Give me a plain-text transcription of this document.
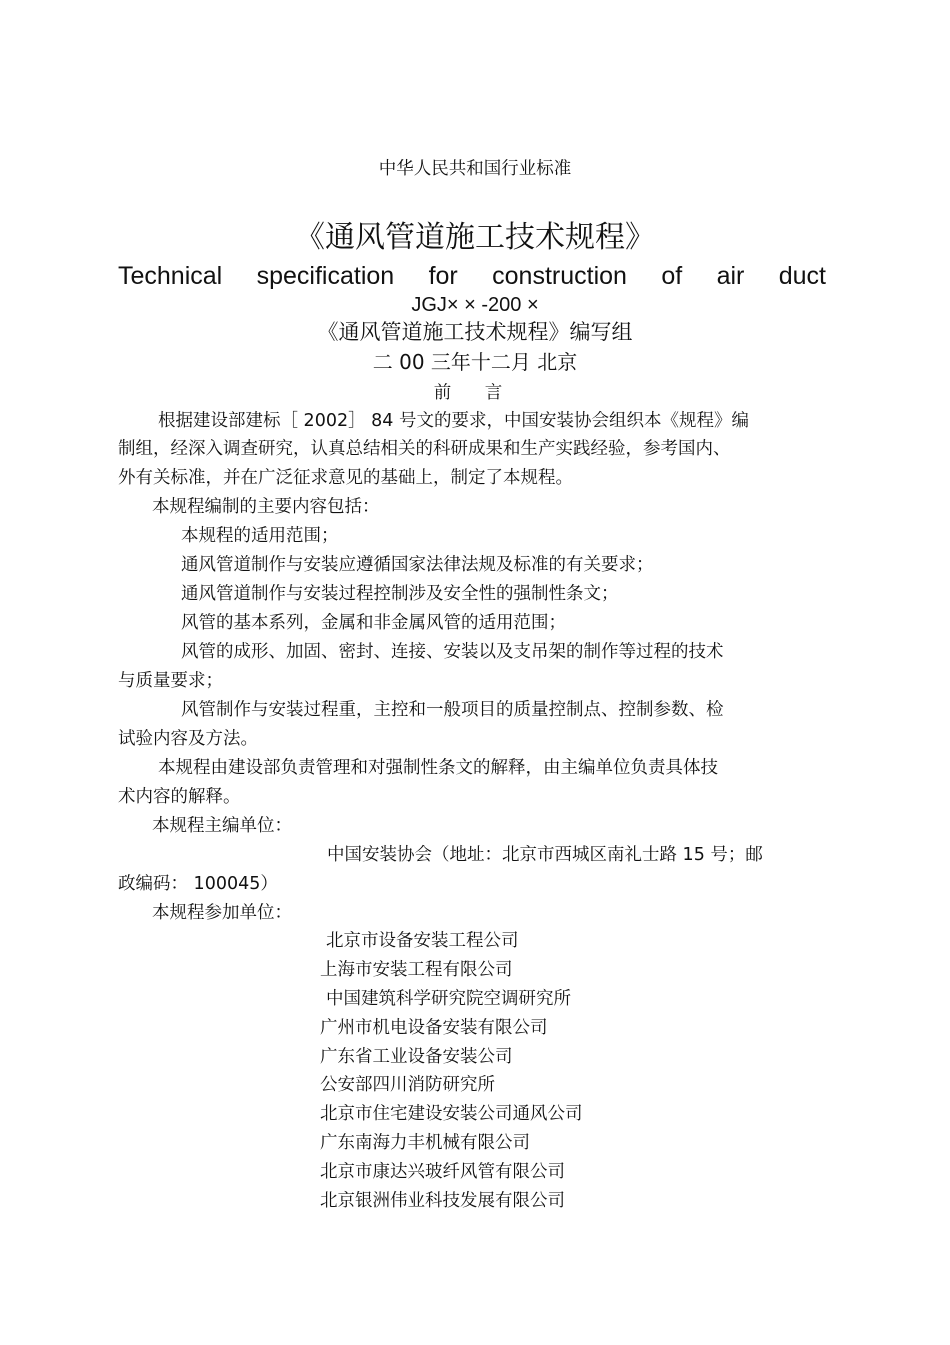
中华人民共和国行业标准
《通风管道施工技术规程》
Technical specification for construction of air duct
JGJ× × -200 ×
《通风管道施工技术规程》编写组
二 00 三年十二月 北京
前 言
根据建设部建标［ 2002］ 84 号文的要求，中国安装协会组织本《规程》编
制组，经深入调查研究，认真总结相关的科研成果和生产实践经验，参考国内、
外有关标准，并在广泛征求意见的基础上，制定了本规程。
本规程编制的主要内容包括：
本规程的适用范围；
通风管道制作与安装应遵循国家法律法规及标准的有关要求；
通风管道制作与安装过程控制涉及安全性的强制性条文；
风管的基本系列，金属和非金属风管的适用范围；
风管的成形、加固、密封、连接、安装以及支吊架的制作等过程的技术
与质量要求；
风管制作与安装过程重，主控和一般项目的质量控制点、控制参数、检
试验内容及方法。
本规程由建设部负责管理和对强制性条文的解释，由主编单位负责具体技
术内容的解释。
本规程主编单位：
中国安装协会（地址：北京市西城区南礼士路 15 号；邮
政编码： 100045）
本规程参加单位：
北京市设备安装工程公司
上海市安装工程有限公司
中国建筑科学研究院空调研究所
广州市机电设备安装有限公司
广东省工业设备安装公司
公安部四川消防研究所
北京市住宅建设安装公司通风公司
广东南海力丰机械有限公司
北京市康达兴玻纤风管有限公司
北京银洲伟业科技发展有限公司
